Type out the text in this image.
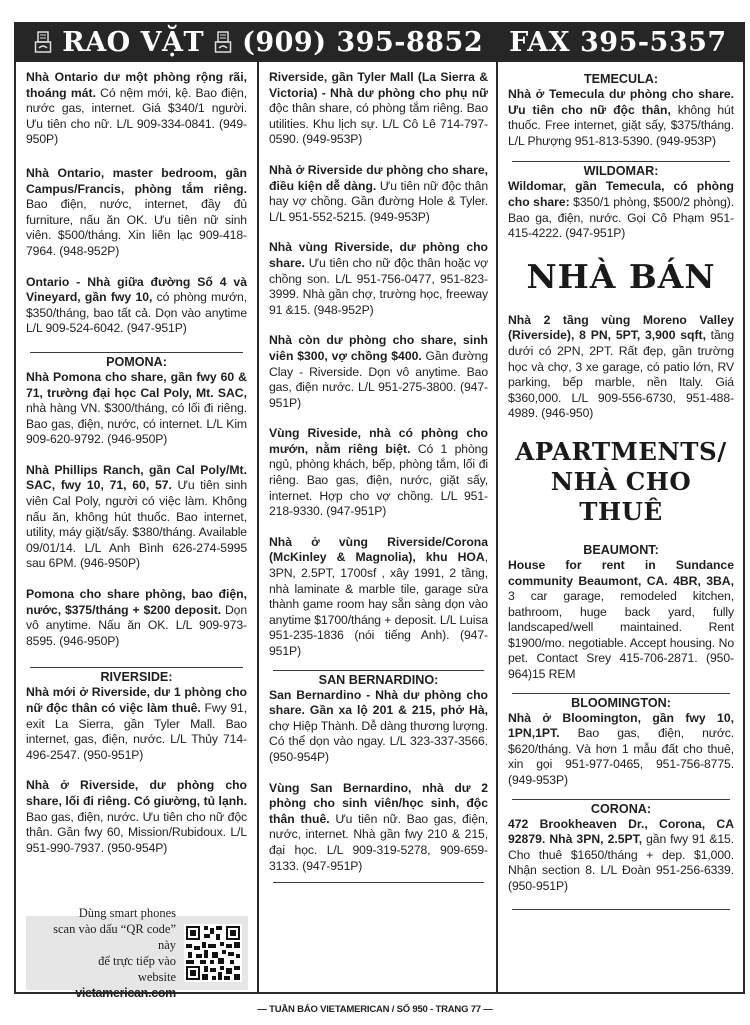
RAO VẶT (909) 395-8852 FAX 395-5357
Nhà Ontario dư một phòng rộng rãi, thoáng mát. Có nệm mới, kệ. Bao điện, nước gas, internet. Giá $340/1 người. Ưu tiên cho nữ. L/L 909-334-0841. (949-950P)
Nhà Ontario, master bedroom, gần Campus/Francis, phòng tắm riêng. Bao điện, nước, internet, đầy đủ furniture, nấu ăn OK. Ưu tiên nữ sinh viên. $500/tháng. Xin liên lạc 909-418-7964. (948-952P)
Ontario - Nhà giữa đường Số 4 và Vineyard, gần fwy 10, có phòng mướn, $350/tháng, bao tất cả. Dọn vào anytime L/L 909-524-6042. (947-951P)
POMONA:
Nhà Pomona cho share, gần fwy 60 & 71, trường đại học Cal Poly, Mt. SAC, nhà hàng VN. $300/tháng, có lối đi riêng. Bao gas, điện, nước, có internet. L/L Kim 909-620-9792. (946-950P)
Nhà Phillips Ranch, gần Cal Poly/Mt. SAC, fwy 10, 71, 60, 57. Ưu tiên sinh viên Cal Poly, người có việc làm. Không nấu ăn, không hút thuốc. Bao internet, utility, máy giặt/sấy. $380/tháng. Available 09/01/14. L/L Anh Bình 626-274-5995 sau 6PM. (946-950P)
Pomona cho share phòng, bao điện, nước, $375/tháng + $200 deposit. Dọn vô anytime. Nấu ăn OK. L/L 909-973-8595. (946-950P)
RIVERSIDE:
Nhà mới ở Riverside, dư 1 phòng cho nữ độc thân có việc làm thuê. Fwy 91, exit La Sierra, gần Tyler Mall. Bao internet, gas, điện, nước. L/L Thủy 714-496-2547. (950-951P)
Nhà ở Riverside, dư phòng cho share, lối đi riêng. Có giường, tủ lạnh. Bao gas, điện, nước. Ưu tiên cho nữ độc thân. Gần fwy 60, Mission/Rubidoux. L/L 951-990-7937. (950-954P)
Dùng smart phones
scan vào dấu “QR code” này
để trực tiếp vào
website vietamerican.com
Riverside, gần Tyler Mall (La Sierra & Victoria) - Nhà dư phòng cho phụ nữ độc thân share, có phòng tắm riêng. Bao utilities. Khu lịch sự. L/L Cô Lê 714-797-0590. (949-953P)
Nhà ở Riverside dư phòng cho share, điều kiện dễ dàng. Ưu tiên nữ độc thân hay vợ chồng. Gần đường Hole & Tyler. L/L 951-552-5215. (949-953P)
Nhà vùng Riverside, dư phòng cho share. Ưu tiên cho nữ độc thân hoặc vợ chồng son. L/L 951-756-0477, 951-823-3999. Nhà gần chợ, trường học, freeway 91 &15. (948-952P)
Nhà còn dư phòng cho share, sinh viên $300, vợ chồng $400. Gần đường Clay - Riverside. Dọn vô anytime. Bao gas, điện nước. L/L 951-275-3800. (947-951P)
Vùng Riveside, nhà có phòng cho mướn, nằm riêng biệt. Có 1 phòng ngủ, phòng khách, bếp, phòng tắm, lối đi riêng. Bao gas, điện, nước, giặt sấy, internet. Hợp cho vợ chồng. L/L 951-218-9330. (947-951P)
Nhà ở vùng Riverside/Corona (McKinley & Magnolia), khu HOA, 3PN, 2.5PT, 1700sf , xây 1991, 2 tầng, nhà laminate & marble tile, garage sửa thành game room hay sẵn sàng dọn vào anytime $1700/tháng + deposit. L/L Luisa 951-235-1836 (nói tiếng Anh). (947-951P)
SAN BERNARDINO:
San Bernardino - Nhà dư phòng cho share. Gần xa lộ 201 & 215, phở Hà, chợ Hiệp Thành. Dễ dàng thương lượng. Có thể dọn vào ngay. L/L 323-337-3566. (950-954P)
Vùng San Bernardino, nhà dư 2 phòng cho sinh viên/học sinh, độc thân thuê. Ưu tiên nữ. Bao gas, điện, nước, internet. Nhà gần fwy 210 & 215, đại học. L/L 909-319-5278, 909-659-3133. (947-951P)
TEMECULA:
Nhà ở Temecula dư phòng cho share. Ưu tiên cho nữ độc thân, không hút thuốc. Free internet, giặt sấy, $375/tháng. L/L Phượng 951-813-5390. (949-953P)
WILDOMAR:
Wildomar, gần Temecula, có phòng cho share: $350/1 phòng, $500/2 phòng). Bao ga, điện, nước. Gọi Cô Phạm 951-415-4222. (947-951P)
NHÀ BÁN
Nhà 2 tầng vùng Moreno Valley (Riverside), 8 PN, 5PT, 3,900 sqft, tầng dưới có 2PN, 2PT. Rất đẹp, gần trường học và chợ, 3 xe garage, có patio lớn, RV parking, bếp marble, nền Italy. Giá $360,000. L/L 909-556-6730, 951-488-4989. (946-950)
APARTMENTS/
NHÀ CHO THUÊ
BEAUMONT:
House for rent in Sundance community Beaumont, CA. 4BR, 3BA, 3 car garage, remodeled kitchen, bathroom, huge back yard, fully landscaped/well maintained. Rent $1900/mo. negotiable. Accept housing. No pet. Contact Srey 415-706-2871. (950-964)15 REM
BLOOMINGTON:
Nhà ở Bloomington, gần fwy 10, 1PN,1PT. Bao gas, điện, nước. $620/tháng. Và hơn 1 mẫu đất cho thuê, xin gọi 951-977-0465, 951-756-8775. (949-953P)
CORONA:
472 Brookheaven Dr., Corona, CA 92879. Nhà 3PN, 2.5PT, gần fwy 91 &15. Cho thuê $1650/tháng + dep. $1,000. Nhận section 8. L/L Đoàn 951-256-6339. (950-951P)
— TUẦN BÁO VIETAMERICAN / SỐ 950 - TRANG 77 —
